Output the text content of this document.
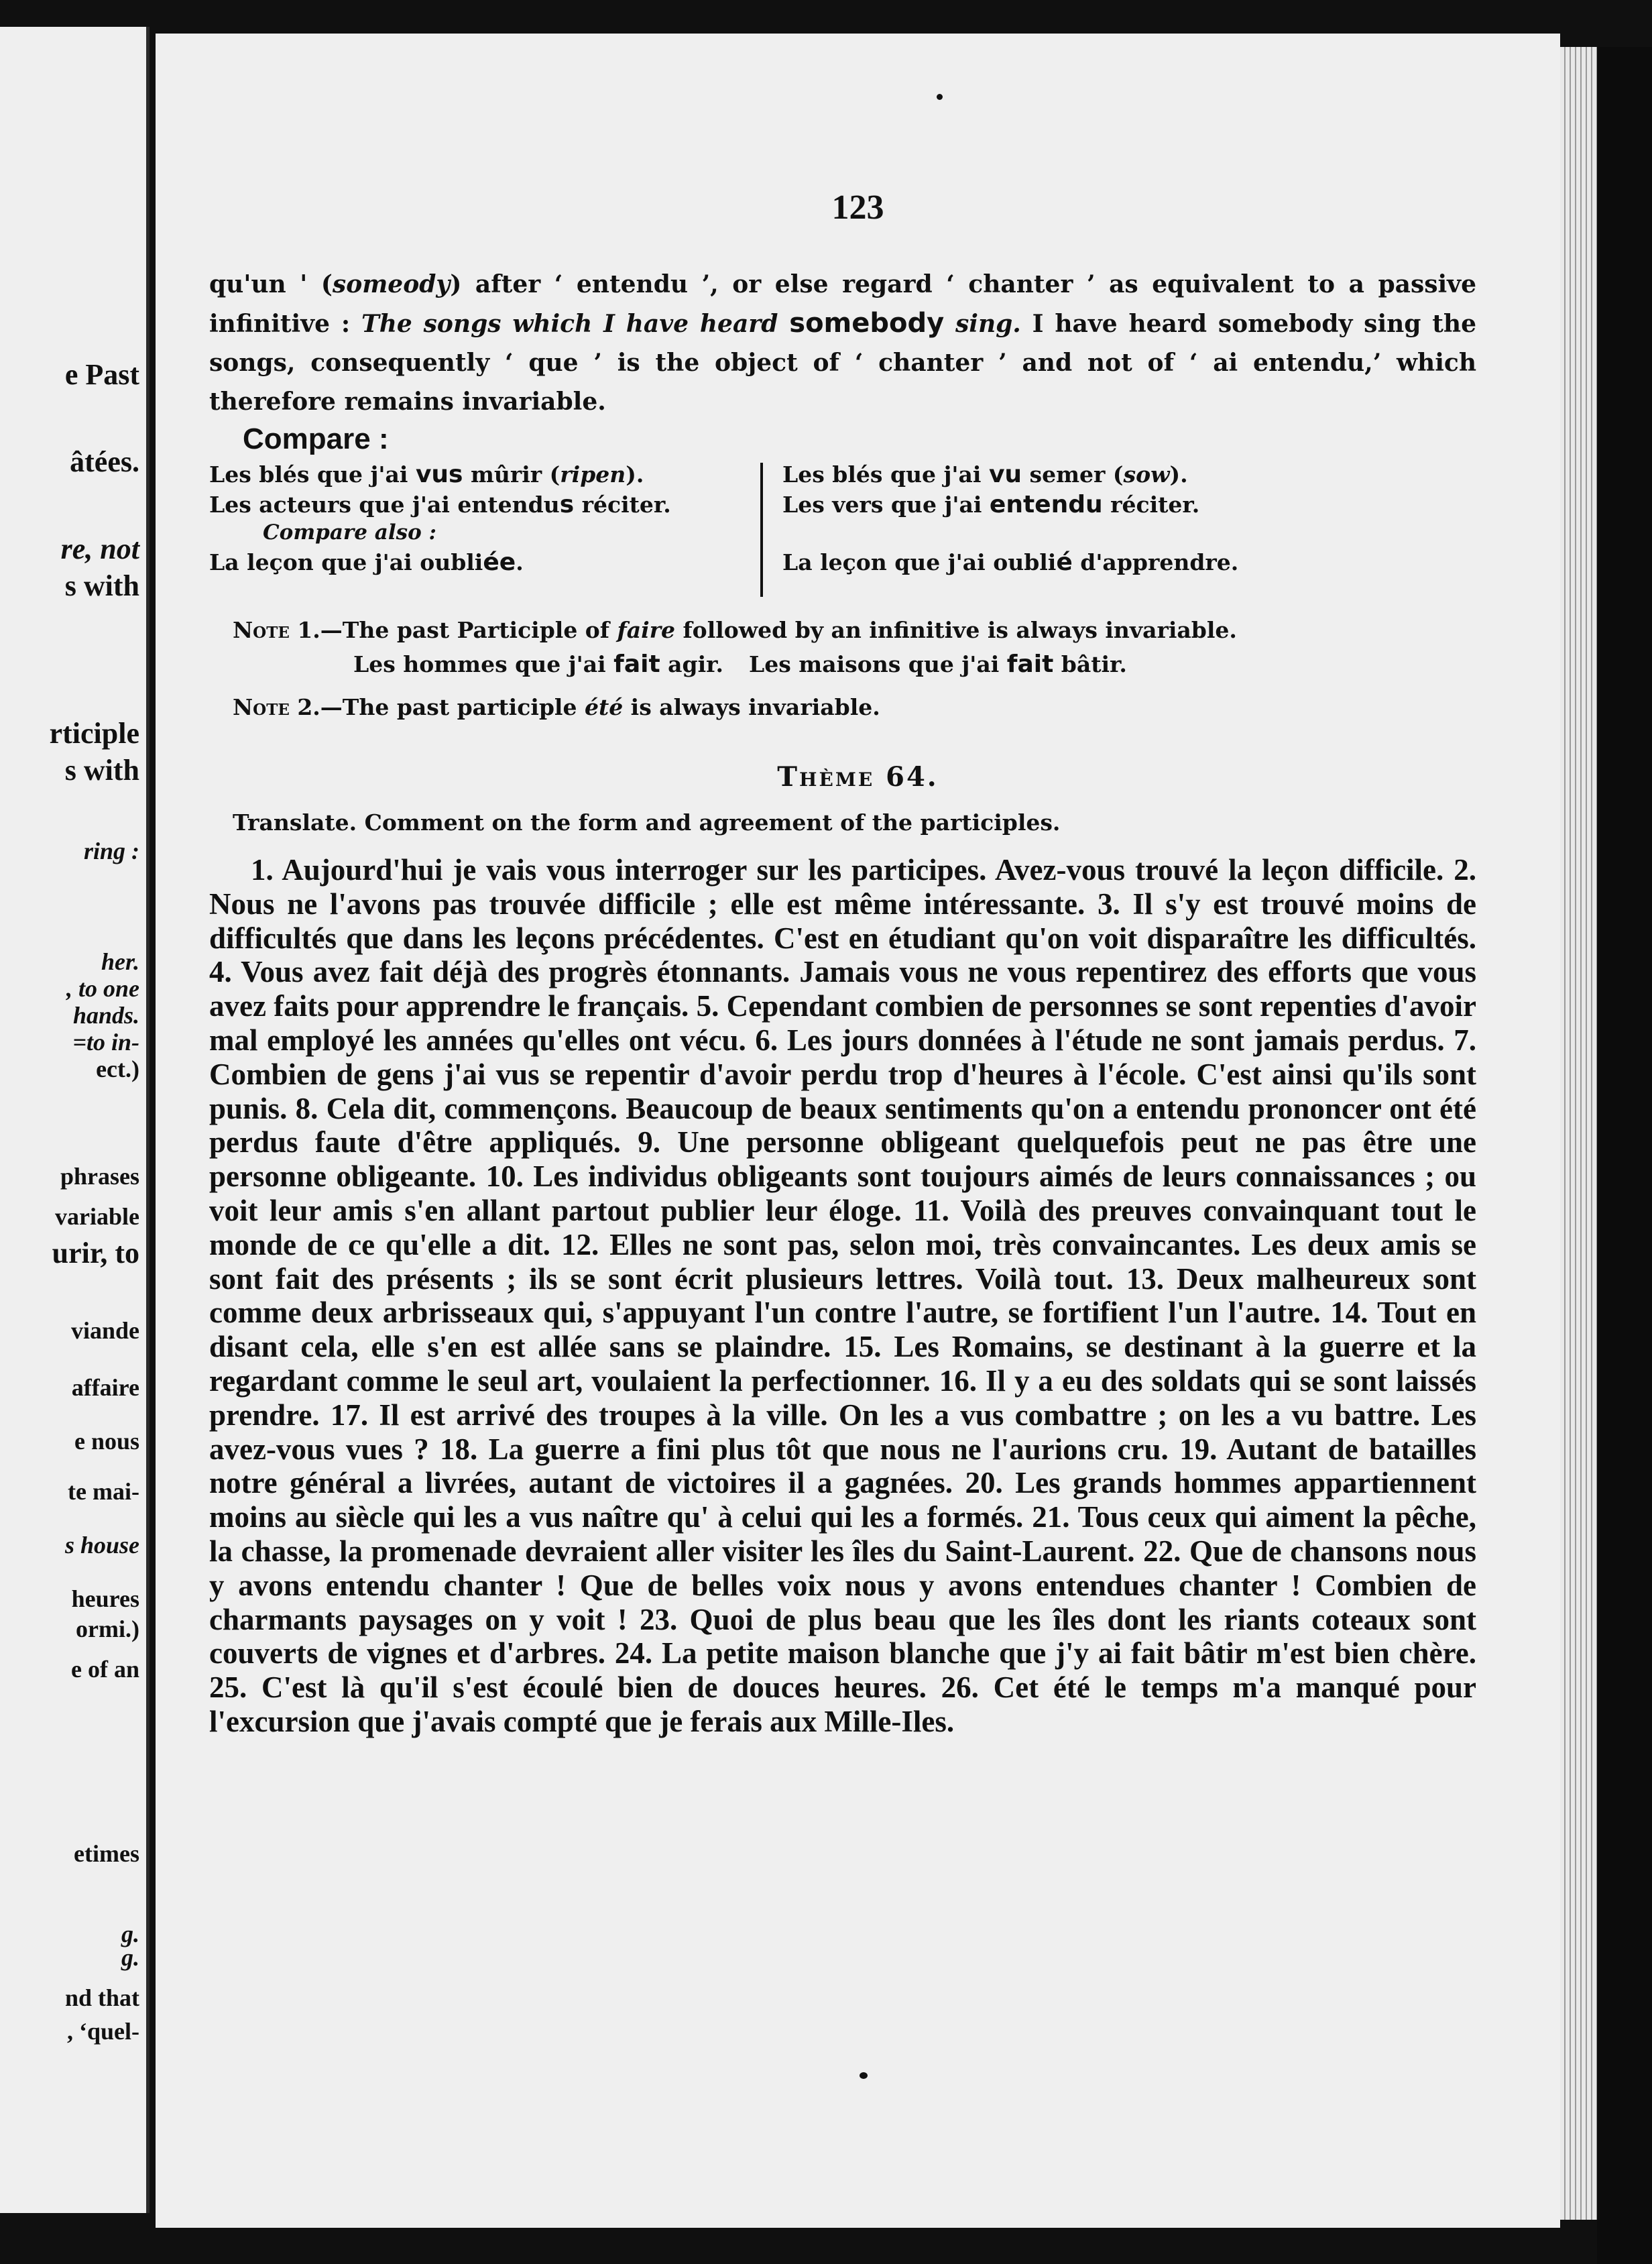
e Past
âtées.
re, not
s with
rticiple
s with
ring :
her.
, to one
hands.
=to in-
ect.)
phrases
variable
urir, to
viande
affaire
e nous
te mai-
s house
heures
ormi.)
e of an
etimes
g.
g.
nd that
, ‘quel-
123
qu'un ' (someody) after ‘ entendu ’, or else regard ‘ chanter ’ as equivalent to a passive infinitive : The songs which I have heard somebody sing. I have heard somebody sing the songs, consequently ‘ que ’ is the object of ‘ chanter ’ and not of ‘ ai entendu,’ which therefore remains invariable.
Compare :
Les blés que j'ai vus mûrir (ripen).
Les acteurs que j'ai entendus réciter.
Compare also :
La leçon que j'ai oubliée.
Les blés que j'ai vu semer (sow).
Les vers que j'ai entendu réciter.
La leçon que j'ai oublié d'apprendre.
Note 1.—The past Participle of faire followed by an infinitive is always invariable.
Les hommes que j'ai fait agir. Les maisons que j'ai fait bâtir.
Note 2.—The past participle été is always invariable.
Thème 64.
Translate. Comment on the form and agreement of the participles.
1. Aujourd'hui je vais vous interroger sur les participes. Avez-vous trouvé la leçon difficile. 2. Nous ne l'avons pas trouvée difficile ; elle est même intéressante. 3. Il s'y est trouvé moins de difficultés que dans les leçons précédentes. C'est en étudiant qu'on voit disparaître les difficultés. 4. Vous avez fait déjà des progrès étonnants. Jamais vous ne vous repentirez des efforts que vous avez faits pour apprendre le français. 5. Cependant combien de personnes se sont repenties d'avoir mal employé les années qu'elles ont vécu. 6. Les jours données à l'étude ne sont jamais perdus. 7. Combien de gens j'ai vus se repentir d'avoir perdu trop d'heures à l'école. C'est ainsi qu'ils sont punis. 8. Cela dit, commençons. Beaucoup de beaux sentiments qu'on a entendu prononcer ont été perdus faute d'être appliqués. 9. Une personne obligeant quelquefois peut ne pas être une personne obligeante. 10. Les individus obligeants sont toujours aimés de leurs connaissances ; ou voit leur amis s'en allant partout publier leur éloge. 11. Voilà des preuves convainquant tout le monde de ce qu'elle a dit. 12. Elles ne sont pas, selon moi, très convaincantes. Les deux amis se sont fait des présents ; ils se sont écrit plusieurs lettres. Voilà tout. 13. Deux malheureux sont comme deux arbrisseaux qui, s'appuyant l'un contre l'autre, se fortifient l'un l'autre. 14. Tout en disant cela, elle s'en est allée sans se plaindre. 15. Les Romains, se destinant à la guerre et la regardant comme le seul art, voulaient la perfectionner. 16. Il y a eu des soldats qui se sont laissés prendre. 17. Il est arrivé des troupes à la ville. On les a vus combattre ; on les a vu battre. Les avez-vous vues ? 18. La guerre a fini plus tôt que nous ne l'aurions cru. 19. Autant de batailles notre général a livrées, autant de victoires il a gagnées. 20. Les grands hommes appartiennent moins au siècle qui les a vus naître qu' à celui qui les a formés. 21. Tous ceux qui aiment la pêche, la chasse, la promenade devraient aller visiter les îles du Saint-Laurent. 22. Que de chansons nous y avons entendu chanter ! Que de belles voix nous y avons entendues chanter ! Combien de charmants paysages on y voit ! 23. Quoi de plus beau que les îles dont les riants coteaux sont couverts de vignes et d'arbres. 24. La petite maison blanche que j'y ai fait bâtir m'est bien chère. 25. C'est là qu'il s'est écoulé bien de douces heures. 26. Cet été le temps m'a manqué pour l'excursion que j'avais compté que je ferais aux Mille-Iles.
